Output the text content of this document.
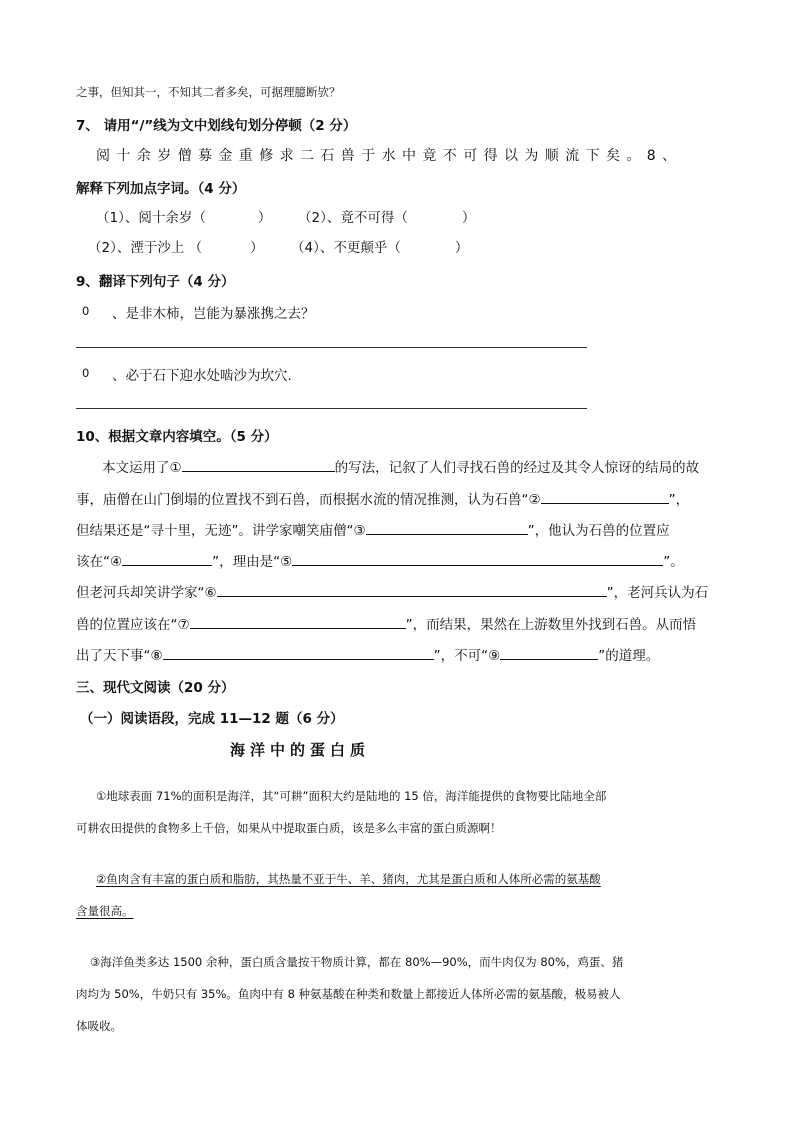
之事，但知其一，不知其二者多矣，可据理臆断欤？
7、 请用“/”线为文中划线句划分停顿（2 分）
阅十余岁僧募金重修求二石兽于水中竟不可得以为顺流下矣。8、
解释下列加点字词。（4 分）
（1）、阅十余岁（	） （2）、竟不可得（	）
（2）、湮于沙上 （	） （4）、不更颠乎（	）
9、翻译下列句子（4 分）
0 、是非木柿，岂能为暴涨携之去？
0 、必于石下迎水处啮沙为坎穴.
10、根据文章内容填空。（5 分）
本文运用了①	的写法，记叙了人们寻找石兽的经过及其令人惊讶的结局的故
事，庙僧在山门倒塌的位置找不到石兽，而根据水流的情况推测，认为石兽“②	”，
但结果还是“寻十里，无迹”。讲学家嘲笑庙僧“③	”，他认为石兽的位置应
该在“④	”，理由是“⑤	”。
但老河兵却笑讲学家“⑥	”，老河兵认为石
兽的位置应该在“⑦	”，而结果，果然在上游数里外找到石兽。从而悟
出了天下事“⑧	”，不可“⑨	”的道理。
三、现代文阅读（20 分）
（一）阅读语段，完成 11—12 题（6 分）
海洋中的蛋白质
①地球表面 71%的面积是海洋，其“可耕”面积大约是陆地的 15 倍，海洋能提供的食物要比陆地全部
可耕农田提供的食物多上千倍，如果从中提取蛋白质，该是多么丰富的蛋白质源啊！
②鱼肉含有丰富的蛋白质和脂肪，其热量不亚于牛、羊、猪肉，尤其是蛋白质和人体所必需的氨基酸
含量很高。
③海洋鱼类多达 1500 余种，蛋白质含量按干物质计算，都在 80%—90%，而牛肉仅为 80%，鸡蛋、猪
肉均为 50%，牛奶只有 35%。鱼肉中有 8 种氨基酸在种类和数量上都接近人体所必需的氨基酸，极易被人
体吸收。
